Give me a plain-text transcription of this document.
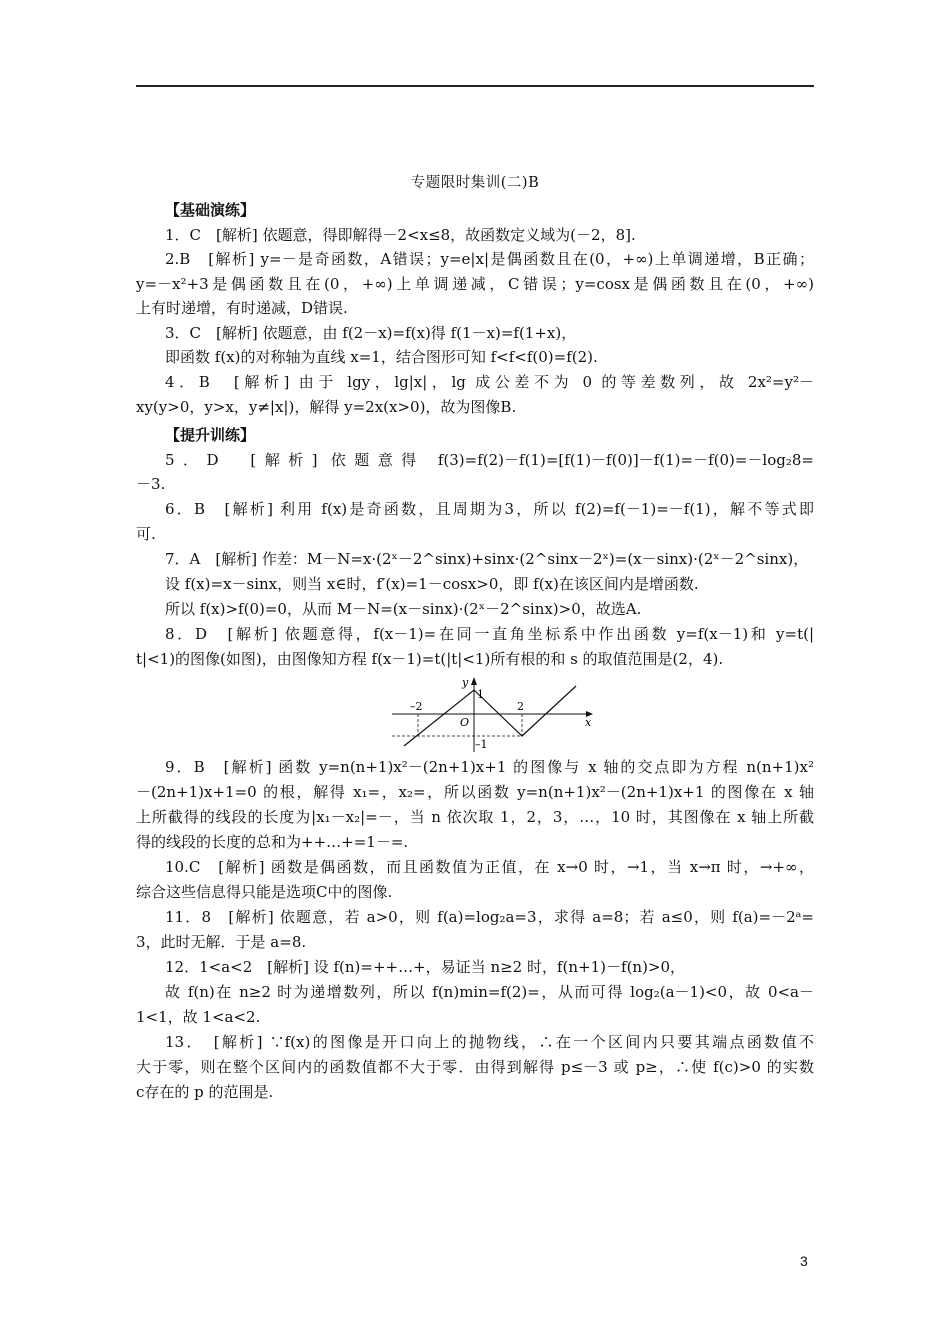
专题限时集训(二)B
【基础演练】
1．C　[解析] 依题意，得即解得－2<x≤8，故函数定义域为(－2，8].
2.B　[解析] y=－是奇函数，A错误；y=e|x|是偶函数且在(0，+∞)上单调递增，B正确；
y=－x²+3是偶函数且在(0，+∞)上单调递减，C错误；y=cosx是偶函数且在(0，+∞)
上有时递增，有时递减，D错误.
3．C　[解析] 依题意，由 f(2－x)=f(x)得 f(1－x)=f(1+x)，
即函数 f(x)的对称轴为直线 x=1，结合图形可知 f<f<f(0)=f(2).
4．B　[解析] 由于 lgy，lg|x|，lg 成公差不为 0 的等差数列，故 2x²=y²－
xy(y>0，y>x，y≠|x|)，解得 y=2x(x>0)，故为图像B.
【提升训练】
5．D　[解析] 依题意得 f(3)=f(2)－f(1)=[f(1)－f(0)]－f(1)=－f(0)=－log₂8=
－3.
6．B　[解析] 利用 f(x)是奇函数，且周期为3，所以 f(2)=f(－1)=－f(1)，解不等式即
可.
7．A　[解析] 作差：M－N=x·(2ˣ－2^sinx)+sinx·(2^sinx－2ˣ)=(x－sinx)·(2ˣ－2^sinx)，
设 f(x)=x－sinx，则当 x∈时，f′(x)=1－cosx>0，即 f(x)在该区间内是增函数.
所以 f(x)>f(0)=0，从而 M－N=(x－sinx)·(2ˣ－2^sinx)>0，故选A.
8．D　[解析] 依题意得，f(x－1)=在同一直角坐标系中作出函数 y=f(x－1)和 y=t(|
t|<1)的图像(如图)，由图像知方程 f(x－1)=t(|t|<1)所有根的和 s 的取值范围是(2，4).
y
1
–2
O
2
x
–1
9．B　[解析] 函数 y=n(n+1)x²－(2n+1)x+1 的图像与 x 轴的交点即为方程 n(n+1)x²
－(2n+1)x+1=0 的根，解得 x₁=，x₂=，所以函数 y=n(n+1)x²－(2n+1)x+1 的图像在 x 轴
上所截得的线段的长度为|x₁－x₂|=－，当 n 依次取 1，2，3，…，10 时，其图像在 x 轴上所截
得的线段的长度的总和为++…+=1－=.
10.C　[解析] 函数是偶函数，而且函数值为正值，在 x→0 时，→1，当 x→π 时，→+∞，
综合这些信息得只能是选项C中的图像.
11．8　[解析] 依题意，若 a>0，则 f(a)=log₂a=3，求得 a=8；若 a≤0，则 f(a)=－2ᵃ=
3，此时无解．于是 a=8.
12．1<a<2　[解析] 设 f(n)=++…+，易证当 n≥2 时，f(n+1)－f(n)>0，
故 f(n)在 n≥2 时为递增数列，所以 f(n)min=f(2)=，从而可得 log₂(a－1)<0，故 0<a－
1<1，故 1<a<2.
13．　[解析] ∵f(x)的图像是开口向上的抛物线，∴在一个区间内只要其端点函数值不
大于零，则在整个区间内的函数值都不大于零．由得到解得 p≤－3 或 p≥，∴使 f(c)>0 的实数
c存在的 p 的范围是.
3
